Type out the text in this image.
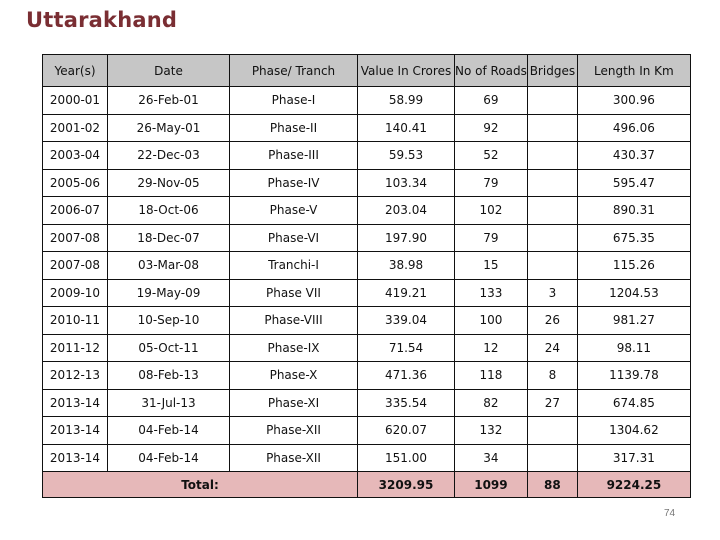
Uttarakhand
Year(s)	Date	Phase/ Tranch	Value In Crores	No of Roads	Bridges	Length In Km
2000-01	26-Feb-01	Phase-I	58.99	69		300.96
2001-02	26-May-01	Phase-II	140.41	92		496.06
2003-04	22-Dec-03	Phase-III	59.53	52		430.37
2005-06	29-Nov-05	Phase-IV	103.34	79		595.47
2006-07	18-Oct-06	Phase-V	203.04	102		890.31
2007-08	18-Dec-07	Phase-VI	197.90	79		675.35
2007-08	03-Mar-08	Tranchi-I	38.98	15		115.26
2009-10	19-May-09	Phase VII	419.21	133	3	1204.53
2010-11	10-Sep-10	Phase-VIII	339.04	100	26	981.27
2011-12	05-Oct-11	Phase-IX	71.54	12	24	98.11
2012-13	08-Feb-13	Phase-X	471.36	118	8	1139.78
2013-14	31-Jul-13	Phase-XI	335.54	82	27	674.85
2013-14	04-Feb-14	Phase-XII	620.07	132		1304.62
2013-14	04-Feb-14	Phase-XII	151.00	34		317.31
Total:			3209.95	1099	88	9224.25
74
